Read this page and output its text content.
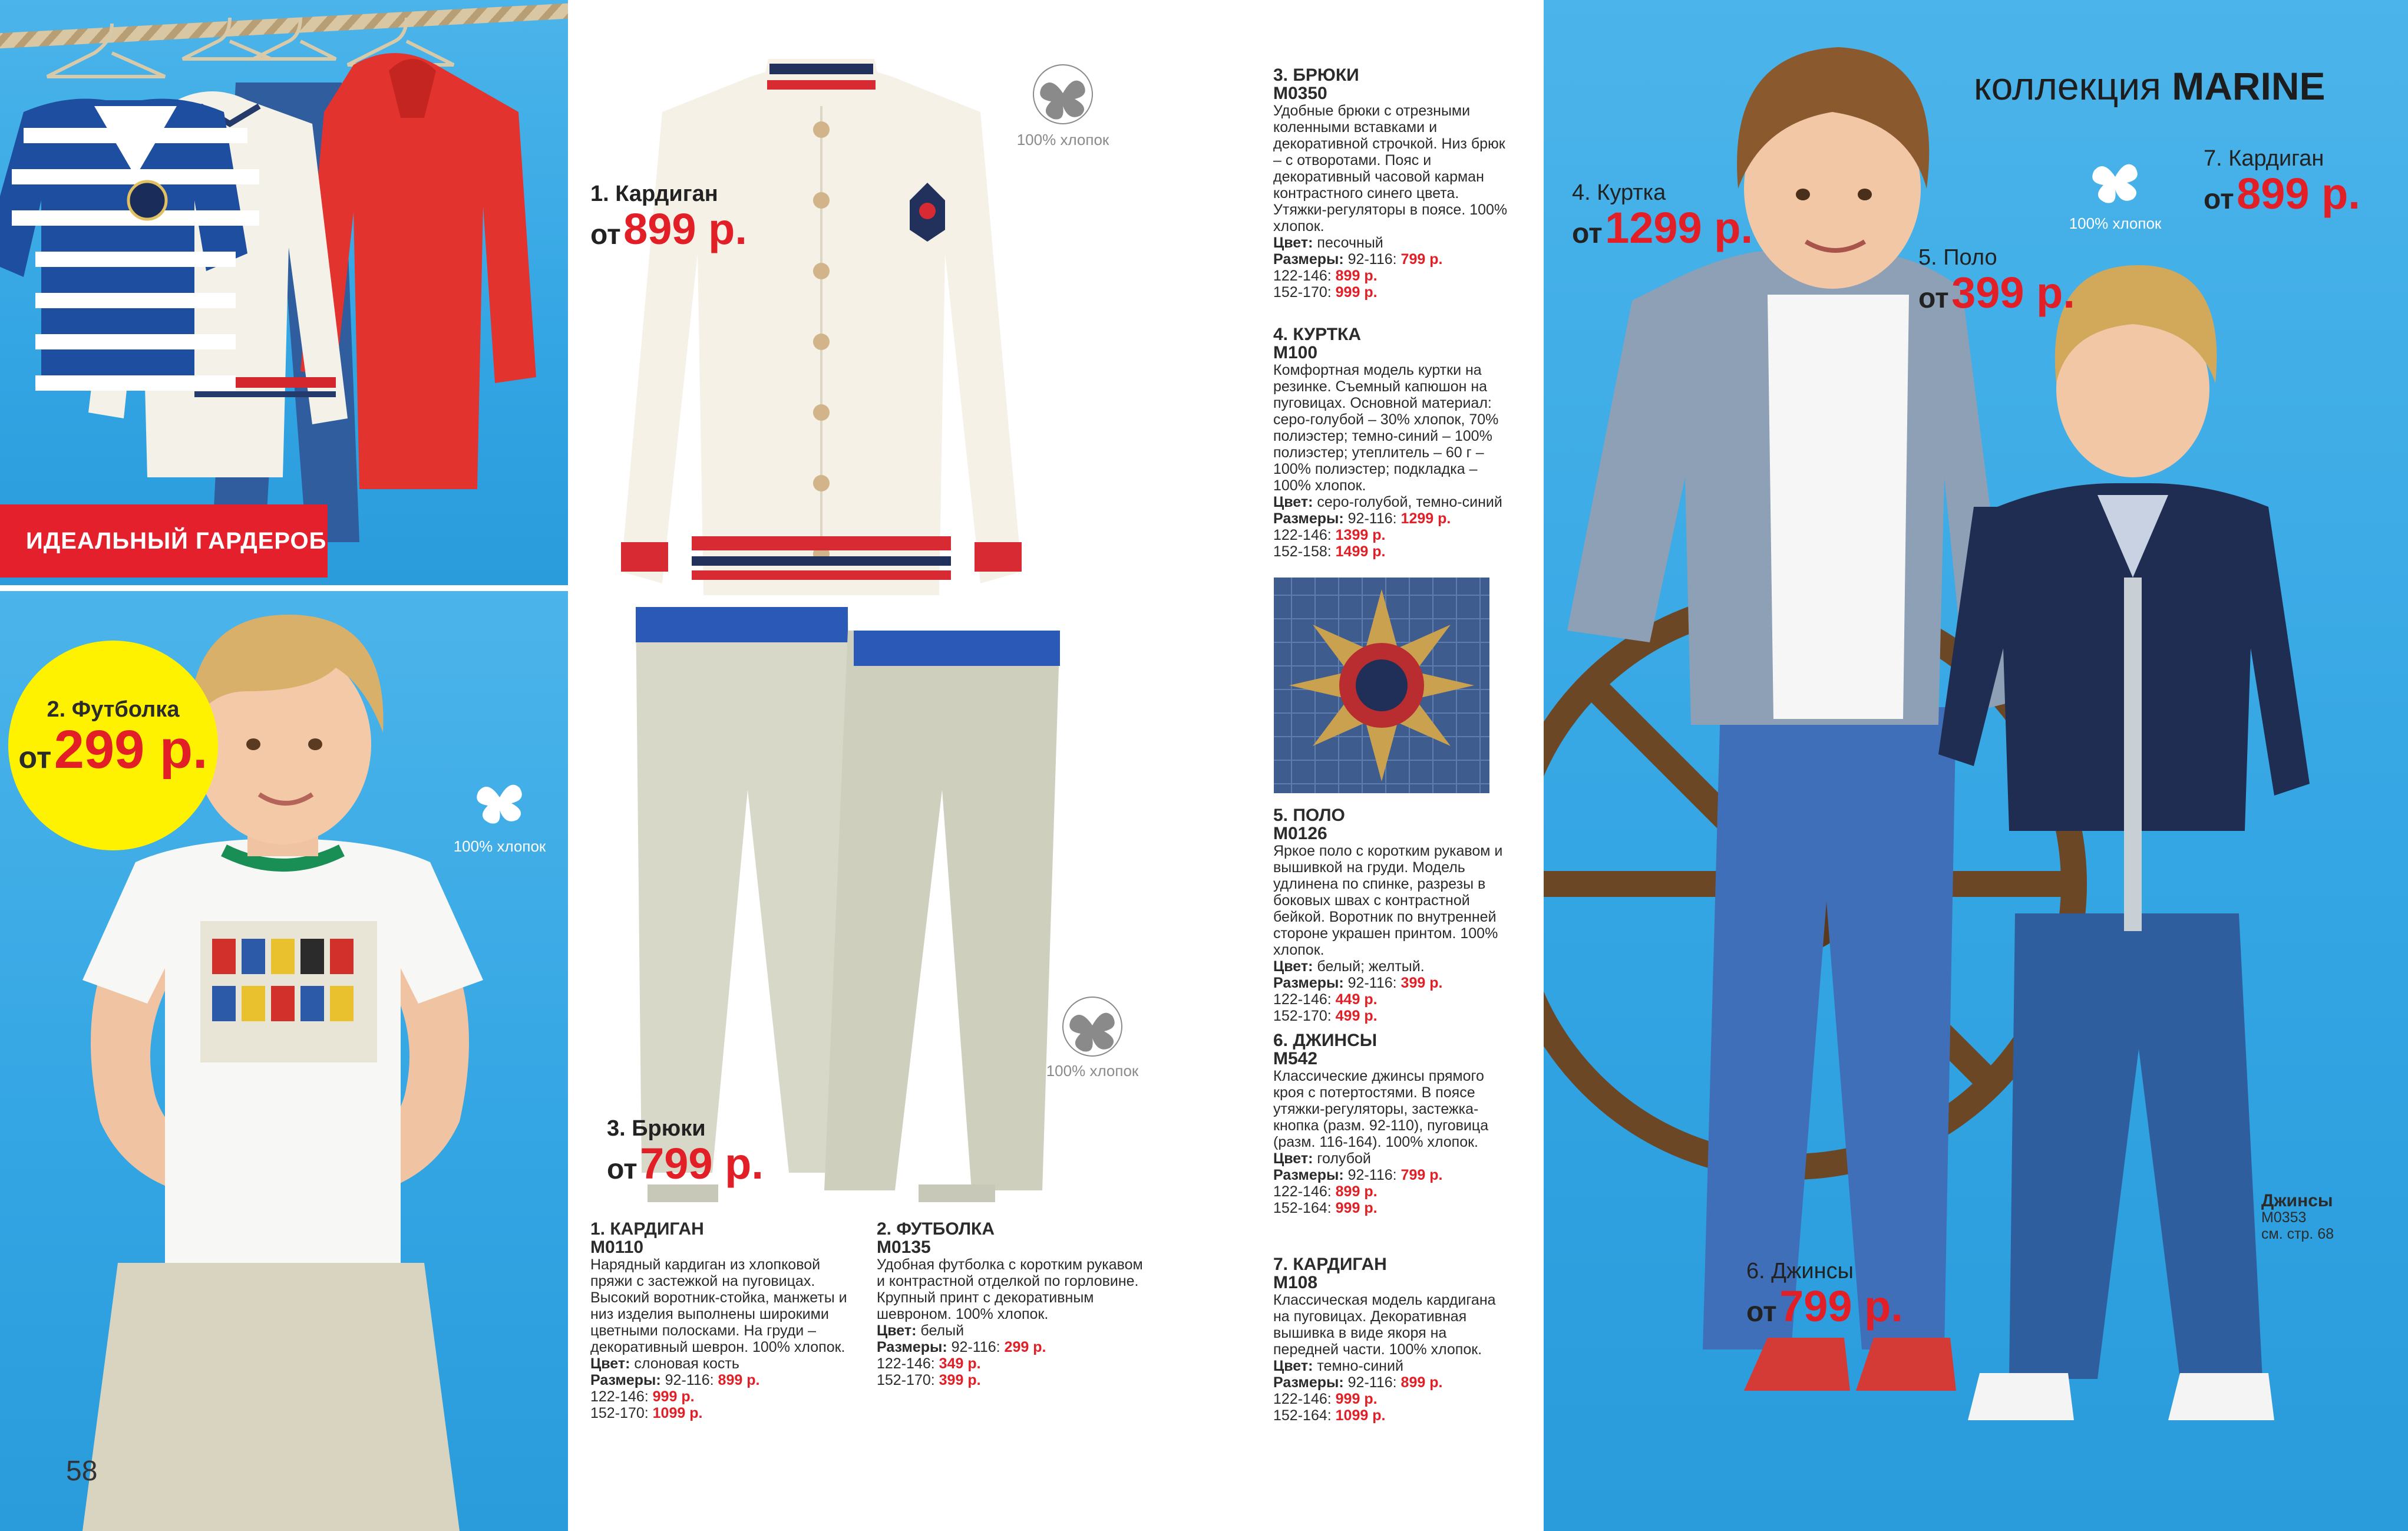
ИДЕАЛЬНЫЙ ГАРДЕРОБ
2. Футболка
от 299 р.
100% хлопок
58
1. Кардиган
от 899 р.
3. Брюки
от 799 р.
100% хлопок
100% хлопок
1. КАРДИГАН
M0110

Нарядный кардиган из хлопковой пряжи с застежкой на пуговицах. Высокий воротник-стойка, манжеты и низ изделия выполнены широкими цветными полосками. На груди – декоративный шеврон. 100% хлопок.

Цвет: слоновая кость

Размеры: 92-116: 899 р.

122-146: 999 р.

152-170: 1099 р.

2. ФУТБОЛКА
M0135

Удобная футболка с коротким рукавом и контрастной отделкой по горловине. Крупный принт с декоративным шевроном. 100% хлопок.

Цвет: белый

Размеры: 92-116: 299 р.

122-146: 349 р.

152-170: 399 р.

3. БРЮКИ
M0350

Удобные брюки с отрезными коленными вставками и декоративной строчкой. Низ брюк – с отворотами. Пояс и декоративный часовой карман контрастного синего цвета. Утяжки-регуляторы в поясе. 100% хлопок.

Цвет: песочный

Размеры: 92-116: 799 р.

122-146: 899 р.

152-170: 999 р.

4. КУРТКА
M100

Комфортная модель куртки на резинке. Съемный капюшон на пуговицах. Основной материал: серо-голубой – 30% хлопок, 70% полиэстер; темно-синий – 100% полиэстер; утеплитель – 60 г – 100% полиэстер; подкладка – 100% хлопок.

Цвет: серо-голубой, темно-синий

Размеры: 92-116: 1299 р.

122-146: 1399 р.

152-158: 1499 р.

5. ПОЛО
M0126

Яркое поло с коротким рукавом и вышивкой на груди. Модель удлинена по спинке, разрезы в боковых швах с контрастной бейкой. Воротник по внутренней стороне украшен принтом. 100% хлопок.

Цвет: белый; желтый.

Размеры: 92-116: 399 р.

122-146: 449 р.

152-170: 499 р.

6. ДЖИНСЫ
M542

Классические джинсы прямого кроя с потертостями. В поясе утяжки-регуляторы, застежка-кнопка (разм. 92-110), пуговица (разм. 116-164). 100% хлопок.

Цвет: голубой

Размеры: 92-116: 799 р.

122-146: 899 р.

152-164: 999 р.

7. КАРДИГАН
M108

Классическая модель кардигана на пуговицах. Декоративная вышивка в виде якоря на передней части. 100% хлопок.

Цвет: темно-синий

Размеры: 92-116: 899 р.

122-146: 999 р.

152-164: 1099 р.

коллекция MARINE
4. Куртка
от 1299 р.
5. Поло
от 399 р.
7. Кардиган
от 899 р.
6. Джинсы
от 799 р.
100% хлопок
Джинсы
M0353
см. стр. 68
